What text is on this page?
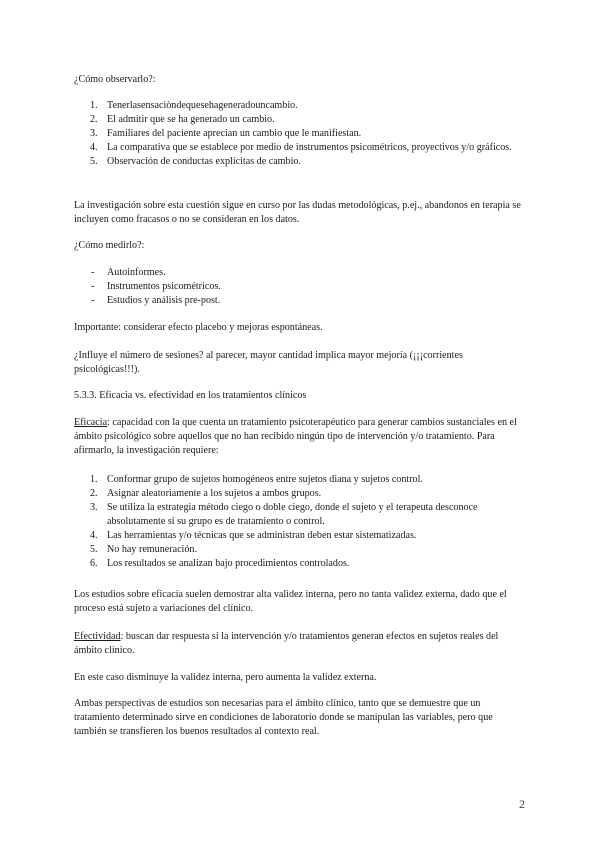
¿Cómo observarlo?:

1. Tenerlasensaciòndequesehageneradouncambio.
2. El admitir que se ha generado un cambio.
3. Familiares del paciente aprecian un cambio que le manifiestan.
4. La comparativa que se establece por medio de instrumentos psicométricos, proyectivos y/o gráficos.
5. Observación de conductas explícitas de cambio.

La investigación sobre esta cuestión sigue en curso por las dudas metodológicas, p.ej., abandonos en terapia se incluyen como fracasos o no se consideran en los datos.

¿Cómo medirlo?:

- Autoinformes.
- Instrumentos psicométricos.
- Estudios y análisis pre-post.

Importante: considerar efecto placebo y mejoras espontáneas.

¿Influye el número de sesiones? al parecer, mayor cantidad implica mayor mejoría (¡¡¡corrientes psicológicas!!!).

5.3.3. Eficacia vs. efectividad en los tratamientos clínicos

Eficacia: capacidad con la que cuenta un tratamiento psicoterapéutico para generar cambios sustanciales en el ámbito psicológico sobre aquellos que no han recibido ningún tipo de intervención y/o tratamiento. Para afirmarlo, la investigación requiere:

1. Conformar grupo de sujetos homogéneos entre sujetos diana y sujetos control.
2. Asignar aleatoriamente a los sujetos a ambos grupos.
3. Se utiliza la estrategia método ciego o doble ciego, donde el sujeto y el terapeuta desconoce absolutamente si su grupo es de tratamiento o control.
4. Las herramientas y/o técnicas que se administran deben estar sistematizadas.
5. No hay remuneración.
6. Los resultados se analizan bajo procedimientos controlados.

Los estudios sobre eficacia suelen demostrar alta validez interna, pero no tanta validez externa, dado que el proceso está sujeto a variaciones del clínico.

Efectividad: buscan dar respuesta si la intervención y/o tratamientos generan efectos en sujetos reales del ámbito clínico.

En este caso disminuye la validez interna, pero aumenta la validez externa.

Ambas perspectivas de estudios son necesarias para el ámbito clínico, tanto que se demuestre que un tratamiento determinado sirve en condiciones de laboratorio donde se manipulan las variables, pero que también se transfieren los buenos resultados al contexto real.

2
